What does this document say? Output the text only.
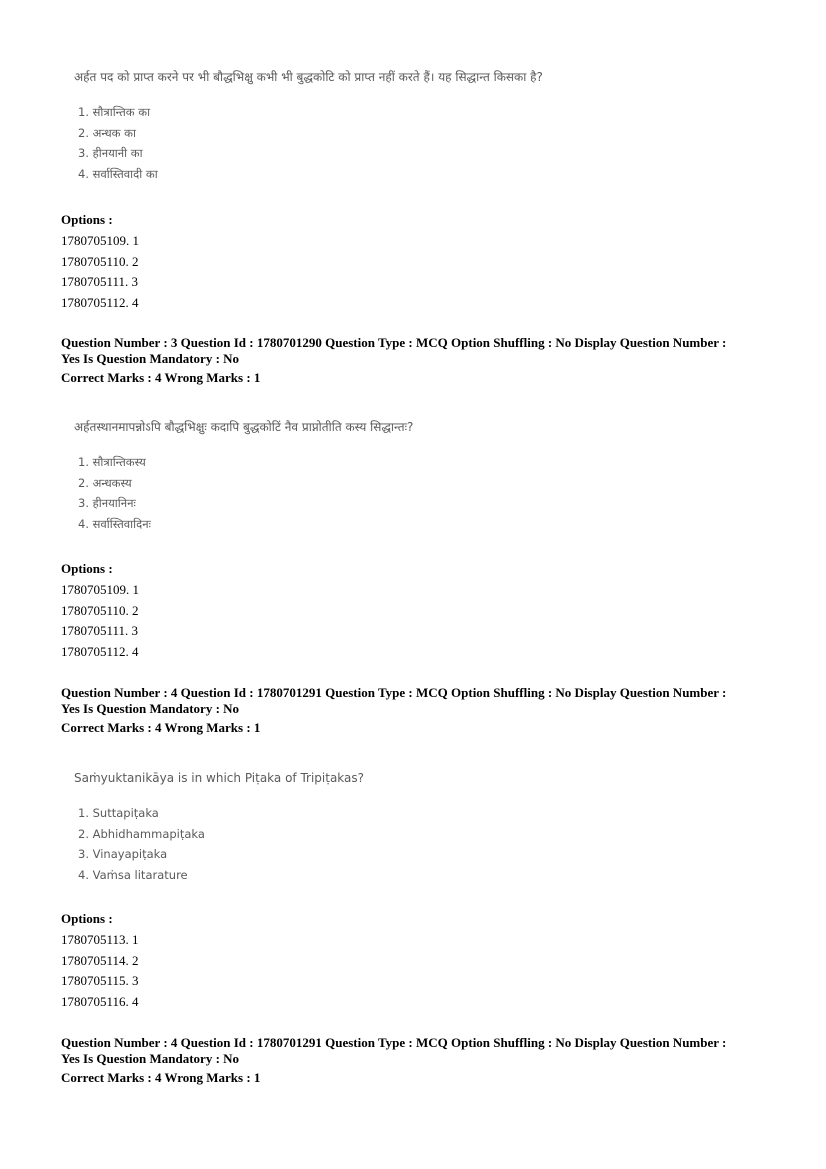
अर्हत पद को प्राप्त करने पर भी बौद्धभिक्षु कभी भी बुद्धकोटि को प्राप्त नहीं करते हैं। यह सिद्धान्त किसका है?
1. सौत्रान्तिक का
2. अन्धक का
3. हीनयानी का
4. सर्वास्तिवादी का
Options :
1780705109. 1
1780705110. 2
1780705111. 3
1780705112. 4
Question Number : 3 Question Id : 1780701290 Question Type : MCQ Option Shuffling : No Display Question Number :
Yes Is Question Mandatory : No
Correct Marks : 4 Wrong Marks : 1
अर्हतस्थानमापन्नोऽपि बौद्धभिक्षुः कदापि बुद्धकोटिं नैव प्राप्नोतीति कस्य सिद्धान्तः?
1. सौत्रान्तिकस्य
2. अन्धकस्य
3. हीनयानिनः
4. सर्वास्तिवादिनः
Options :
1780705109. 1
1780705110. 2
1780705111. 3
1780705112. 4
Question Number : 4 Question Id : 1780701291 Question Type : MCQ Option Shuffling : No Display Question Number :
Yes Is Question Mandatory : No
Correct Marks : 4 Wrong Marks : 1
Saṁyuktanikāya is in which Piṭaka of Tripiṭakas?
1. Suttapiṭaka
2. Abhidhammapiṭaka
3. Vinayapiṭaka
4. Vaṁsa litarature
Options :
1780705113. 1
1780705114. 2
1780705115. 3
1780705116. 4
Question Number : 4 Question Id : 1780701291 Question Type : MCQ Option Shuffling : No Display Question Number :
Yes Is Question Mandatory : No
Correct Marks : 4 Wrong Marks : 1
